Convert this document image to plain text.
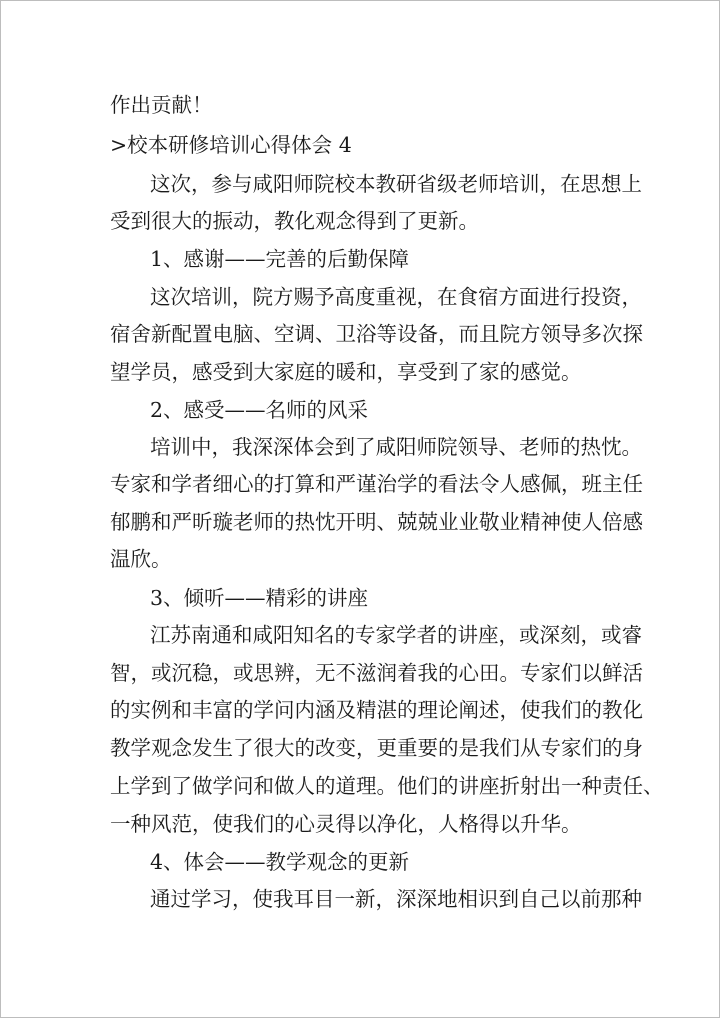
作出贡献！

>校本研修培训心得体会 4

这次，参与咸阳师院校本教研省级老师培训，在思想上

受到很大的振动，教化观念得到了更新。

1、感谢——完善的后勤保障

这次培训，院方赐予高度重视，在食宿方面进行投资，

宿舍新配置电脑、空调、卫浴等设备，而且院方领导多次探

望学员，感受到大家庭的暖和，享受到了家的感觉。

2、感受——名师的风采

培训中，我深深体会到了咸阳师院领导、老师的热忱。

专家和学者细心的打算和严谨治学的看法令人感佩，班主任

郁鹏和严昕璇老师的热忱开明、兢兢业业敬业精神使人倍感

温欣。

3、倾听——精彩的讲座

江苏南通和咸阳知名的专家学者的讲座，或深刻，或睿

智，或沉稳，或思辨，无不滋润着我的心田。专家们以鲜活

的实例和丰富的学问内涵及精湛的理论阐述，使我们的教化

教学观念发生了很大的改变，更重要的是我们从专家们的身

上学到了做学问和做人的道理。他们的讲座折射出一种责任、

一种风范，使我们的心灵得以净化，人格得以升华。

4、体会——教学观念的更新

通过学习，使我耳目一新，深深地相识到自己以前那种
